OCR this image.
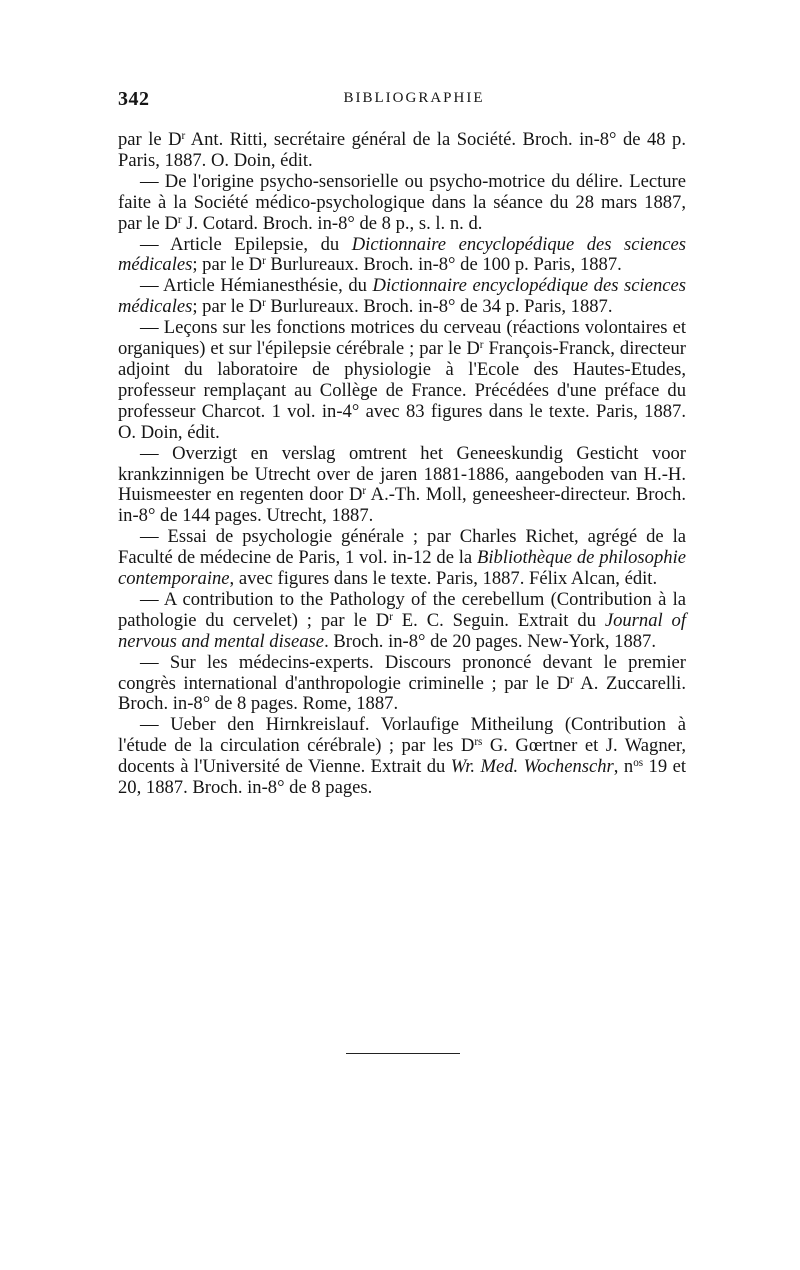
342	BIBLIOGRAPHIE

par le $D^r$ Ant. Ritti, secrétaire général de la Société. Broch. in-8° de 48 p. Paris, 1887. O. Doin, édit.

— De l'origine psycho-sensorielle ou psycho-motrice du délire. Lecture faite à la Société médico-psychologique dans la séance du 28 mars 1887, par le $D^r$ J. Cotard. Broch. in-8° de 8 p., s. l. n. d.

— Article Epilepsie, du Dictionnaire encyclopédique des sciences médicales; par le $D^r$ Burlureaux. Broch. in-8° de 100 p. Paris, 1887.

— Article Hémianesthésie, du Dictionnaire encyclopédique des sciences médicales; par le $D^r$ Burlureaux. Broch. in-8° de 34 p. Paris, 1887.

— Leçons sur les fonctions motrices du cerveau (réactions volontaires et organiques) et sur l'épilepsie cérébrale ; par le $D^r$ François-Franck, directeur adjoint du laboratoire de physiologie à l'Ecole des Hautes-Etudes, professeur remplaçant au Collège de France. Précédées d'une préface du professeur Charcot. 1 vol. in-4° avec 83 figures dans le texte. Paris, 1887. O. Doin, édit.

— Overzigt en verslag omtrent het Geneeskundig Gesticht voor krankzinnigen be Utrecht over de jaren 1881-1886, aangeboden van H.-H. Huismeester en regenten door $D^r$ A.-Th. Moll, geneesheer-directeur. Broch. in-8° de 144 pages. Utrecht, 1887.

— Essai de psychologie générale ; par Charles Richet, agrégé de la Faculté de médecine de Paris, 1 vol. in-12 de la Bibliothèque de philosophie contemporaine, avec figures dans le texte. Paris, 1887. Félix Alcan, édit.

— A contribution to the Pathology of the cerebellum (Contribution à la pathologie du cervelet) ; par le $D^r$ E. C. Seguin. Extrait du Journal of nervous and mental disease. Broch. in-8° de 20 pages. New-York, 1887.

— Sur les médecins-experts. Discours prononcé devant le premier congrès international d'anthropologie criminelle ; par le $D^r$ A. Zuccarelli. Broch. in-8° de 8 pages. Rome, 1887.

— Ueber den Hirnkreislauf. Vorlaufige Mitheilung (Contribution à l'étude de la circulation cérébrale) ; par les $D^{rs}$ G. Gœrtner et J. Wagner, docents à l'Université de Vienne. Extrait du Wr. Med. Wochenschr, $n^{os}$ 19 et 20, 1887. Broch. in-8° de 8 pages.
